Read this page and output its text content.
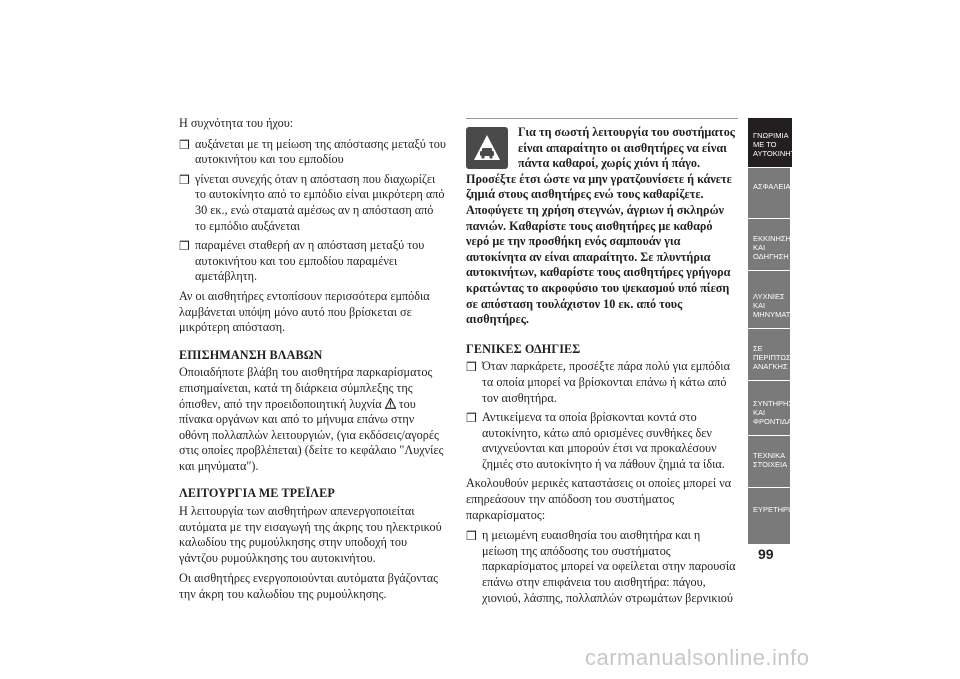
Η συχνότητα του ήχου:

❒ αυξάνεται με τη μείωση της απόστασης μεταξύ του αυτοκινήτου και του εμποδίου
❒ γίνεται συνεχής όταν η απόσταση που διαχωρίζει το αυτοκίνητο από το εμπόδιο είναι μικρότερη από 30 εκ., ενώ σταματά αμέσως αν η απόσταση από το εμπόδιο αυξάνεται
❒ παραμένει σταθερή αν η απόσταση μεταξύ του αυτοκινήτου και του εμποδίου παραμένει αμετάβλητη.

Αν οι αισθητήρες εντοπίσουν περισσότερα εμπόδια λαμβάνεται υπόψη μόνο αυτό που βρίσκεται σε μικρότερη απόσταση.

ΕΠΙΣΗΜΑΝΣΗ ΒΛΑΒΩΝ

Οποιαδήποτε βλάβη του αισθητήρα παρκαρίσματος επισημαίνεται, κατά τη διάρκεια σύμπλεξης της όπισθεν, από την προειδοποιητική λυχνία του πίνακα οργάνων και από το μήνυμα επάνω στην οθόνη πολλαπλών λειτουργιών, (για εκδόσεις/αγορές στις οποίες προβλέπεται) (δείτε το κεφάλαιο "Λυχνίες και μηνύματα").

ΛΕΙΤΟΥΡΓΙΑ ΜΕ ΤΡΕΪΛΕΡ

Η λειτουργία των αισθητήρων απενεργοποιείται αυτόματα με την εισαγωγή της άκρης του ηλεκτρικού καλωδίου της ρυμούλκησης στην υποδοχή του γάντζου ρυμούλκησης του αυτοκινήτου.

Οι αισθητήρες ενεργοποιούνται αυτόματα βγάζοντας την άκρη του καλωδίου της ρυμούλκησης.

Για τη σωστή λειτουργία του συστήματος είναι απαραίτητο οι αισθητήρες να είναι πάντα καθαροί, χωρίς χιόνι ή πάγο. Προσέξτε έτσι ώστε να μην γρατζουνίσετε ή κάνετε ζημιά στους αισθητήρες ενώ τους καθαρίζετε. Αποφύγετε τη χρήση στεγνών, άγριων ή σκληρών πανιών. Καθαρίστε τους αισθητήρες με καθαρό νερό με την προσθήκη ενός σαμπουάν για αυτοκίνητα αν είναι απαραίτητο. Σε πλυντήρια αυτοκινήτων, καθαρίστε τους αισθητήρες γρήγορα κρατώντας το ακροφύσιο του ψεκασμού υπό πίεση σε απόσταση τουλάχιστον 10 εκ. από τους αισθητήρες.
ΓΕΝΙΚΕΣ ΟΔΗΓΙΕΣ
❒ Όταν παρκάρετε, προσέξτε πάρα πολύ για εμπόδια τα οποία μπορεί να βρίσκονται επάνω ή κάτω από τον αισθητήρα.
❒ Αντικείμενα τα οποία βρίσκονται κοντά στο αυτοκίνητο, κάτω από ορισμένες συνθήκες δεν ανιχνεύονται και μπορούν έτσι να προκαλέσουν ζημιές στο αυτοκίνητο ή να πάθουν ζημιά τα ίδια.

Ακολουθούν μερικές καταστάσεις οι οποίες μπορεί να επηρεάσουν την απόδοση του συστήματος παρκαρίσματος:

❒ η μειωμένη ευαισθησία του αισθητήρα και η μείωση της απόδοσης του συστήματος παρκαρίσματος μπορεί να οφείλεται στην παρουσία επάνω στην επιφάνεια του αισθητήρα: πάγου, χιονιού, λάσπης, πολλαπλών στρωμάτων βερνικιού
ΓΝΩΡΙΜΙΑ ΜΕ ΤΟ
ΑΥΤΟΚΙΝΗΤΟ
ΑΣΦΑΛΕΙΑ

ΕΚΚΙΝΗΣΗ ΚΑΙ
ΟΔΗΓΗΣΗ
ΛΥΧΝΙΕΣ ΚΑΙ
ΜΗΝΥΜΑΤΑ
ΣΕ ΠΕΡΙΠΤΩΣΗ
ΑΝΑΓΚΗΣ
ΣΥΝΤΗΡΗΣΗ ΚΑΙ
ΦΡΟΝΤΙΔΑ
ΤΕΧΝΙΚΑ ΣΤΟΙΧΕΙΑ

ΕΥΡΕΤΗΡΙΟ

99
carmanualsonline.info
